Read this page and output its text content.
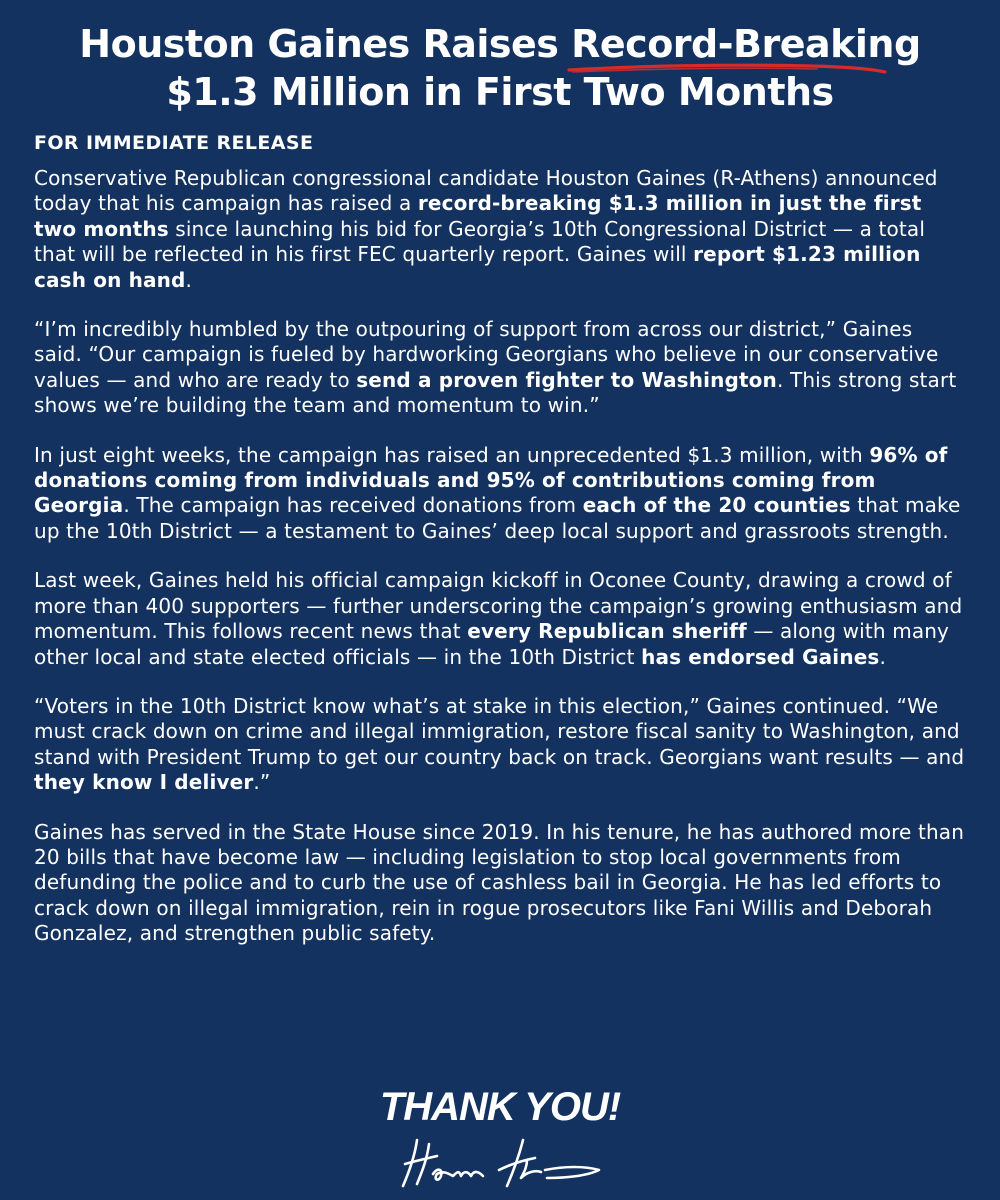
Houston Gaines Raises Record-Breaking
$1.3 Million in First Two Months
FOR IMMEDIATE RELEASE

Conservative Republican congressional candidate Houston Gaines (R-Athens) announced today that his campaign has raised a record-breaking $1.3 million in just the first two months since launching his bid for Georgia’s 10th Congressional District — a total that will be reflected in his first FEC quarterly report. Gaines will report $1.23 million cash on hand.

“I’m incredibly humbled by the outpouring of support from across our district,” Gaines said. “Our campaign is fueled by hardworking Georgians who believe in our conservative values — and who are ready to send a proven fighter to Washington. This strong start shows we’re building the team and momentum to win.”

In just eight weeks, the campaign has raised an unprecedented $1.3 million, with 96% of donations coming from individuals and 95% of contributions coming from Georgia. The campaign has received donations from each of the 20 counties that make up the 10th District — a testament to Gaines’ deep local support and grassroots strength.

Last week, Gaines held his official campaign kickoff in Oconee County, drawing a crowd of more than 400 supporters — further underscoring the campaign’s growing enthusiasm and momentum. This follows recent news that every Republican sheriff — along with many other local and state elected officials — in the 10th District has endorsed Gaines.

“Voters in the 10th District know what’s at stake in this election,” Gaines continued. “We must crack down on crime and illegal immigration, restore fiscal sanity to Washington, and stand with President Trump to get our country back on track. Georgians want results — and they know I deliver.”

Gaines has served in the State House since 2019. In his tenure, he has authored more than 20 bills that have become law — including legislation to stop local governments from defunding the police and to curb the use of cashless bail in Georgia. He has led efforts to crack down on illegal immigration, rein in rogue prosecutors like Fani Willis and Deborah Gonzalez, and strengthen public safety.

THANK YOU!
